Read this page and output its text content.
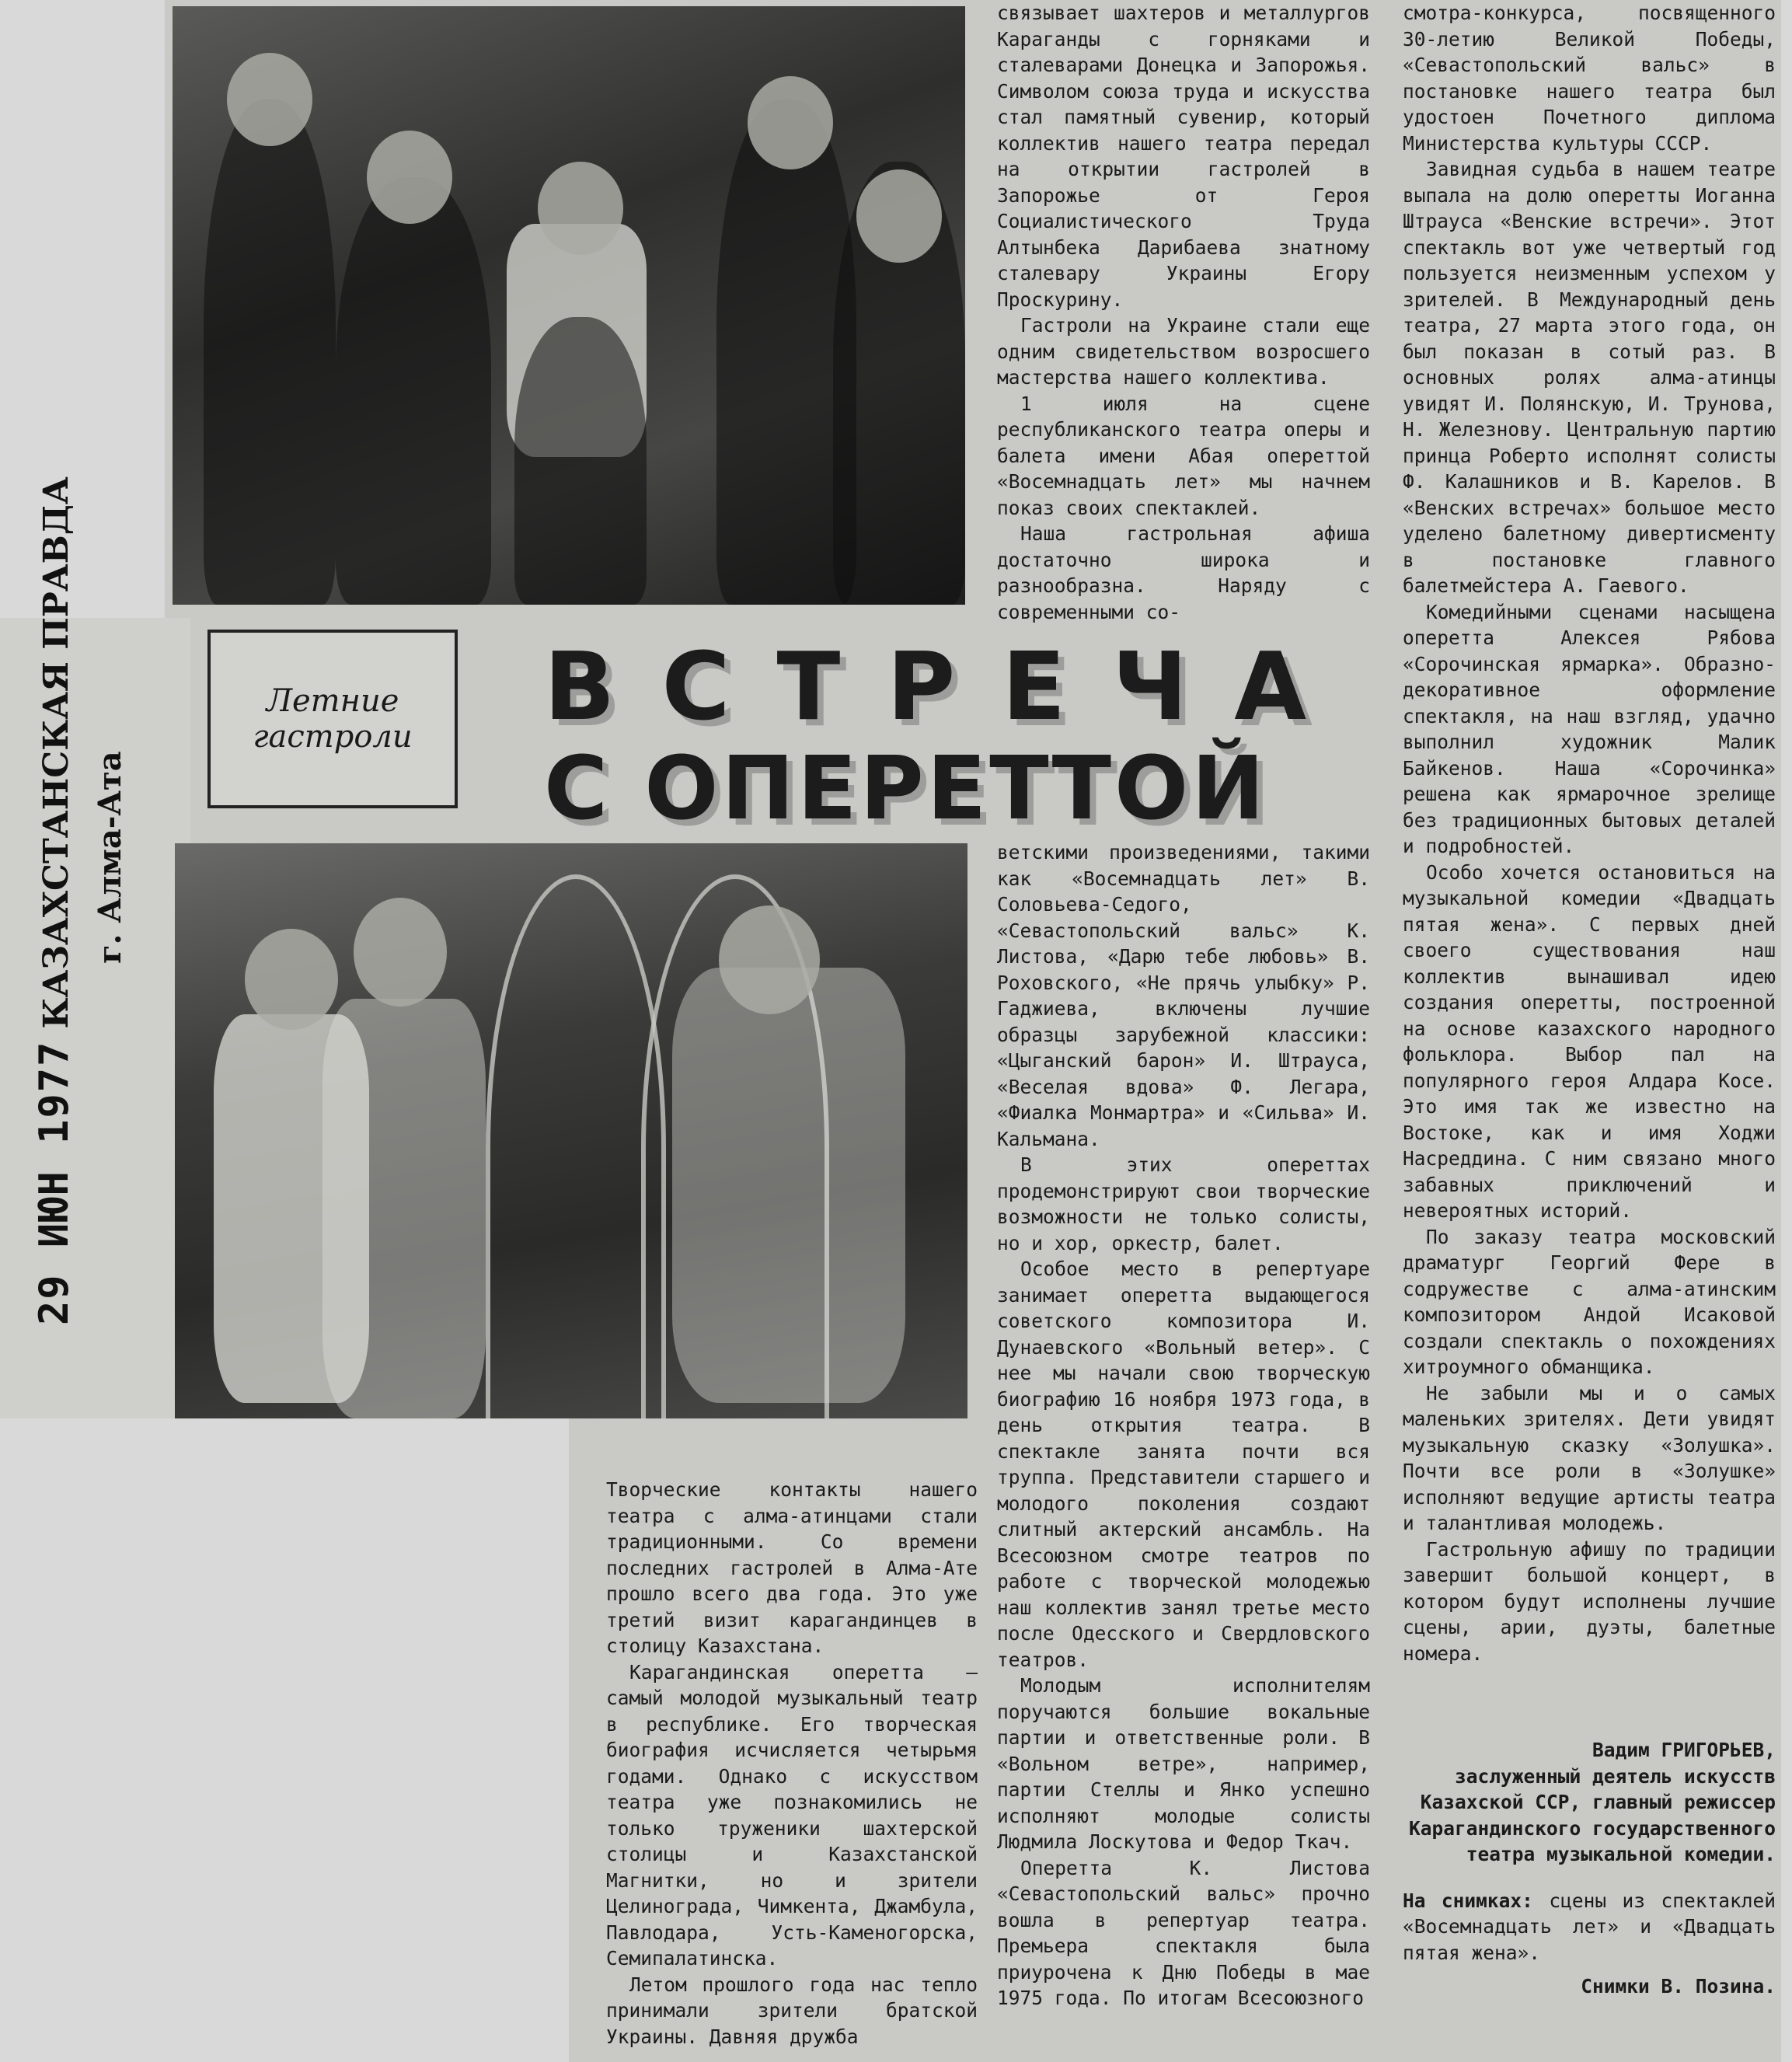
Летние
гастроли ВСТРЕЧА
С ОПЕРЕТТОЙ

связывает шахтеров и металлургов Караганды с горняками и сталеварами Донецка и Запорожья. Символом союза труда и искусства стал памятный сувенир, который коллектив нашего театра передал на открытии гастролей в Запорожье от Героя Социалистического Труда Алтынбека Дарибаева знатному сталевару Украины Егору Проскурину.

Гастроли на Украине стали еще одним свидетельством возросшего мастерства нашего коллектива.

1 июля на сцене республиканского театра оперы и балета имени Абая опереттой «Восемнадцать лет» мы начнем показ своих спектаклей.

Наша гастрольная афиша достаточно широка и разнообразна. Наряду с современными со-

ветскими произведениями, такими как «Восемнадцать лет» В. Соловьева-Седого, «Севастопольский вальс» К. Листова, «Дарю тебе любовь» В. Роховского, «Не прячь улыбку» Р. Гаджиева, включены лучшие образцы зарубежной классики: «Цыганский барон» И. Штрауса, «Веселая вдова» Ф. Легара, «Фиалка Монмартра» и «Сильва» И. Кальмана.

В этих опереттах продемонстрируют свои творческие возможности не только солисты, но и хор, оркестр, балет.

Особое место в репертуаре занимает оперетта выдающегося советского композитора И. Дунаевского «Вольный ветер». С нее мы начали свою творческую биографию 16 ноября 1973 года, в день открытия театра. В спектакле занята почти вся труппа. Представители старшего и молодого поколения создают слитный актерский ансамбль. На Всесоюзном смотре театров по работе с творческой молодежью наш коллектив занял третье место после Одесского и Свердловского театров.

Молодым исполнителям поручаются большие вокальные партии и ответственные роли. В «Вольном ветре», например, партии Стеллы и Янко успешно исполняют молодые солисты Людмила Лоскутова и Федор Ткач.

Оперетта К. Листова «Севастопольский вальс» прочно вошла в репертуар театра. Премьера спектакля была приурочена к Дню Победы в мае 1975 года. По итогам Всесоюзного

смотра-конкурса, посвященного 30-летию Великой Победы, «Севастопольский вальс» в постановке нашего театра был удостоен Почетного диплома Министерства культуры СССР.

Завидная судьба в нашем театре выпала на долю оперетты Иоганна Штрауса «Венские встречи». Этот спектакль вот уже четвертый год пользуется неизменным успехом у зрителей. В Международный день театра, 27 марта этого года, он был показан в сотый раз. В основных ролях алма-атинцы увидят И. Полянскую, И. Трунова, Н. Железнову. Центральную партию принца Роберто исполнят солисты Ф. Калашников и В. Карелов. В «Венских встречах» большое место уделено балетному дивертисменту в постановке главного балетмейстера А. Гаевого.

Комедийными сценами насыщена оперетта Алексея Рябова «Сорочинская ярмарка». Образно-декоративное оформление спектакля, на наш взгляд, удачно выполнил художник Малик Байкенов. Наша «Сорочинка» решена как ярмарочное зрелище без традиционных бытовых деталей и подробностей.

Особо хочется остановиться на музыкальной комедии «Двадцать пятая жена». С первых дней своего существования наш коллектив вынашивал идею создания оперетты, построенной на основе казахского народного фольклора. Выбор пал на популярного героя Алдара Косе. Это имя так же известно на Востоке, как и имя Ходжи Насреддина. С ним связано много забавных приключений и невероятных историй.

По заказу театра московский драматург Георгий Фере в содружестве с алма-атинским композитором Андой Исаковой создали спектакль о похождениях хитроумного обманщика.

Не забыли мы и о самых маленьких зрителях. Дети увидят музыкальную сказку «Золушка». Почти все роли в «Золушке» исполняют ведущие артисты театра и талантливая молодежь.

Гастрольную афишу по традиции завершит большой концерт, в котором будут исполнены лучшие сцены, арии, дуэты, балетные номера.

Творческие контакты нашего театра с алма-атинцами стали традиционными. Со времени последних гастролей в Алма-Ате прошло всего два года. Это уже третий визит карагандинцев в столицу Казахстана.

Карагандинская оперетта — самый молодой музыкальный театр в республике. Его творческая биография исчисляется четырьмя годами. Однако с искусством театра уже познакомились не только труженики шахтерской столицы и Казахстанской Магнитки, но и зрители Целинограда, Чимкента, Джамбула, Павлодара, Усть-Каменогорска, Семипалатинска.

Летом прошлого года нас тепло принимали зрители братской Украины. Давняя дружба

Вадим ГРИГОРЬЕВ,
заслуженный деятель искусств Казахской ССР, главный режиссер Карагандинского государственного театра музыкальной комедии.
На снимках: сцены из спектаклей «Восемнадцать лет» и «Двадцать пятая жена».
Снимки В. Позина.
29 ИЮН 1977 КАЗАХСТАНСКАЯ ПРАВДА г. Алма-Ата
